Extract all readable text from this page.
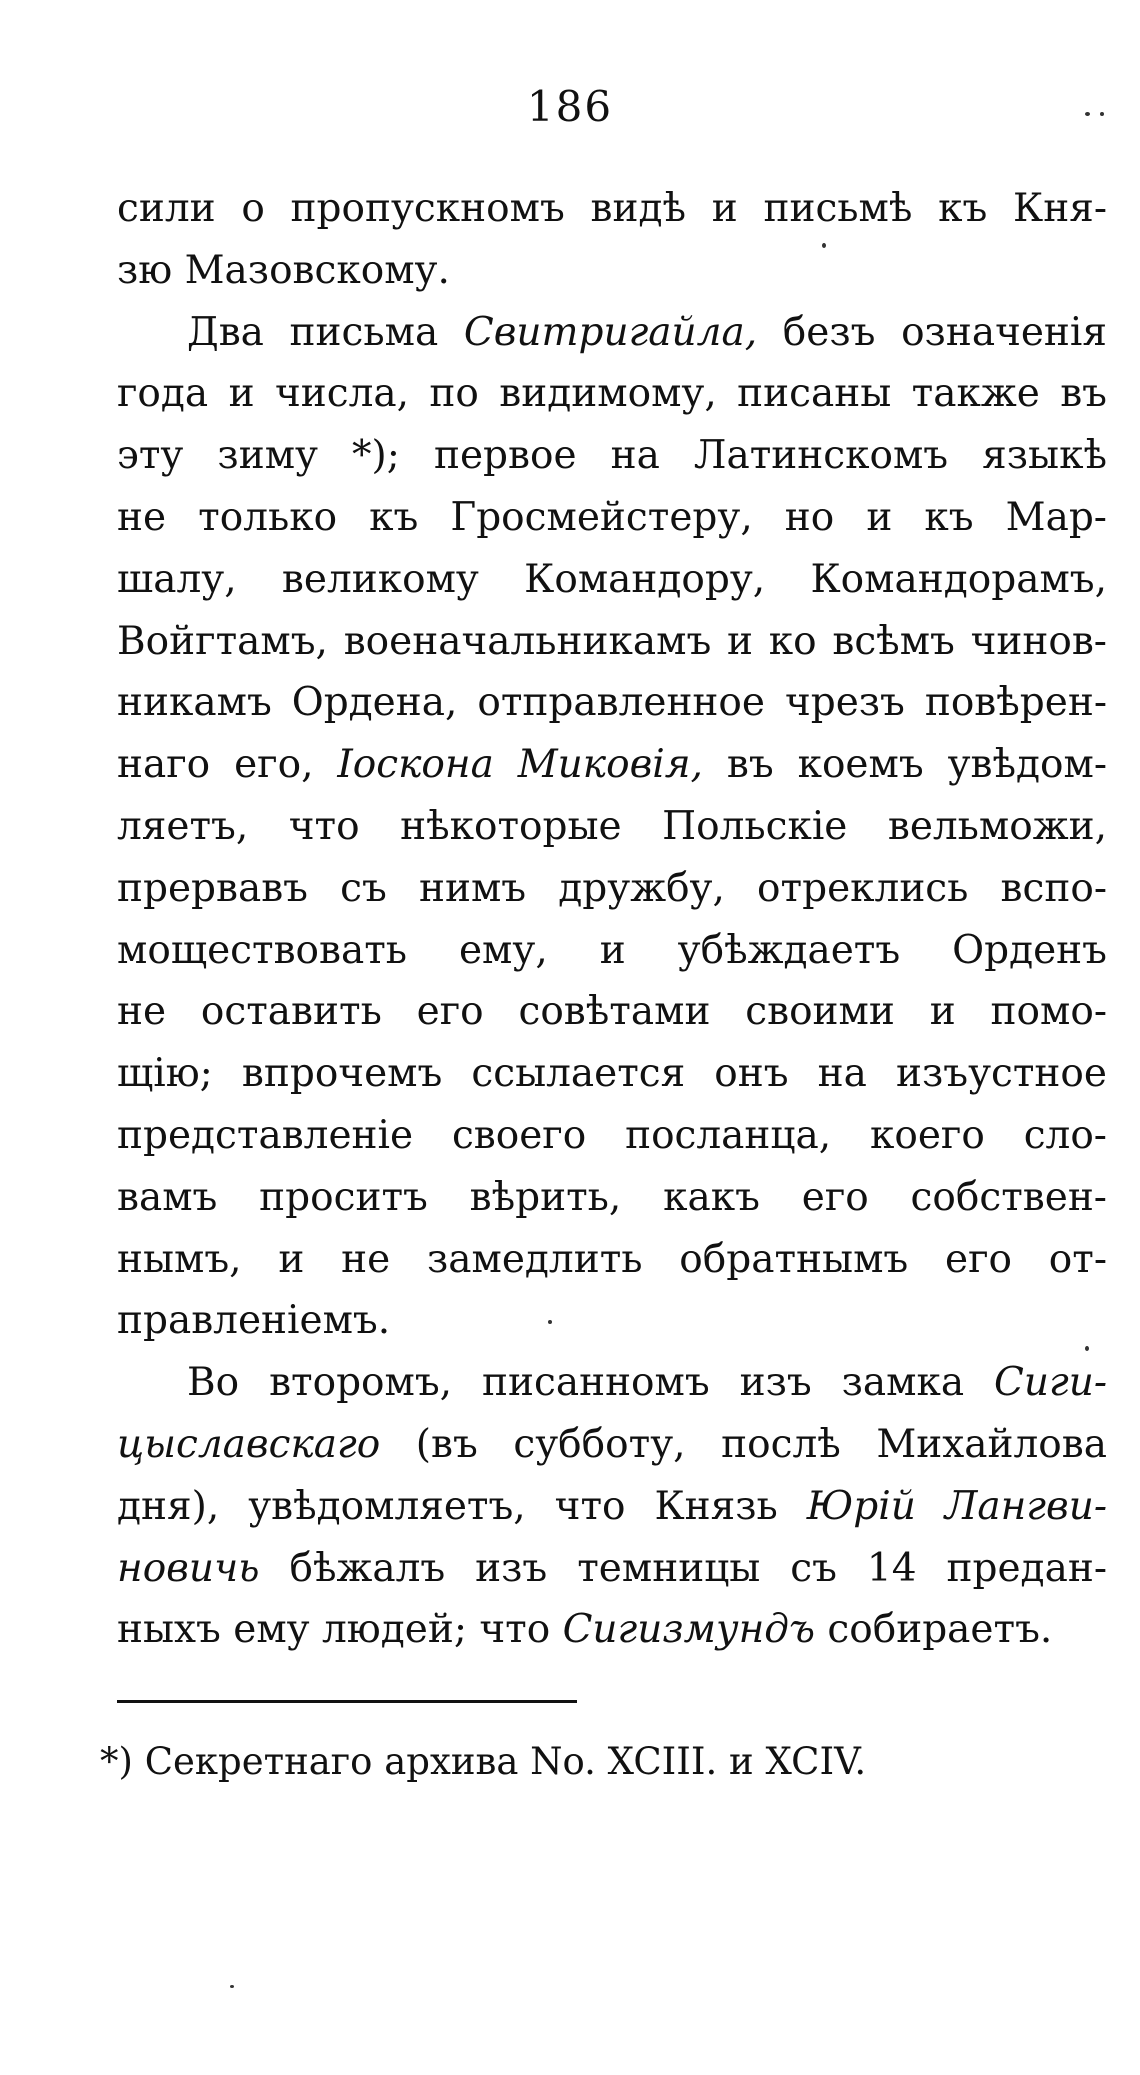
186
сили о пропускномъ видѣ и письмѣ къ Кня-
зю Мазовскому.
Два письма Свитригайла, безъ означенія
года и числа, по видимому, писаны также въ
эту зиму *); первое на Латинскомъ языкѣ
не только къ Гросмейстеру, но и къ Мар-
шалу, великому Командору, Командорамъ,
Войгтамъ, военачальникамъ и ко всѣмъ чинов-
никамъ Ордена, отправленное чрезъ повѣрен-
наго его, Іоскона Миковія, въ коемъ увѣдом-
ляетъ, что нѣкоторые Польскіе вельможи,
прервавъ съ нимъ дружбу, отреклись вспо-
моществовать ему, и убѣждаетъ Орденъ
не оставить его совѣтами своими и помо-
щію; впрочемъ ссылается онъ на изъустное
представленіе своего посланца, коего сло-
вамъ проситъ вѣрить, какъ его собствен-
нымъ, и не замедлить обратнымъ его от-
правленіемъ.
Во второмъ, писанномъ изъ замка Сиги-
цыславскаго (въ субботу, послѣ Михайлова
дня), увѣдомляетъ, что Князь Юрій Лангви-
новичь бѣжалъ изъ темницы съ 14 предан-
ныхъ ему людей; что Сигизмундъ собираетъ.
*) Секретнаго архива No. XCIII. и XCIV.
